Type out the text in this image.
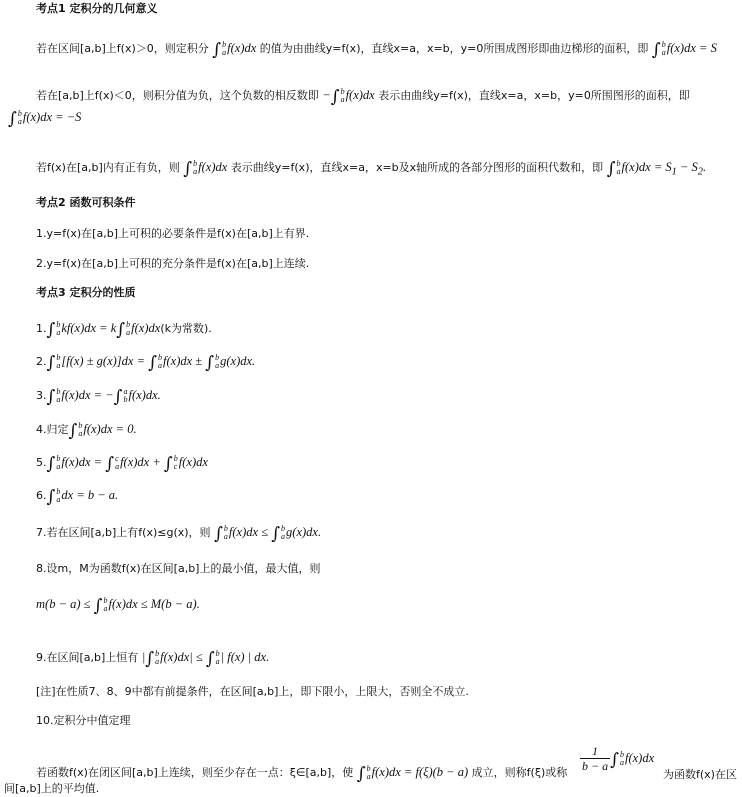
考点1 定积分的几何意义
若在区间[a,b]上f(x)＞0，则定积分 ∫ b
a f(x)dx 的值为由曲线y=f(x)，直线x=a，x=b，y=0所围成图形即曲边梯形的面积，即 ∫ b
a f(x)dx = S
若在[a,b]上f(x)＜0，则积分值为负，这个负数的相反数即 −∫ b
a f(x)dx 表示由曲线y=f(x)，直线x=a，x=b，y=0所围图形的面积，即
∫ b
a f(x)dx = −S
若f(x)在[a,b]内有正有负，则 ∫ b
a f(x)dx 表示曲线y=f(x)，直线x=a，x=b及x轴所成的各部分图形的面积代数和，即 ∫ b
a $f(x)dx = S_1 - S_2$.
考点2 函数可积条件
1.y=f(x)在[a,b]上可积的必要条件是f(x)在[a,b]上有界.
2.y=f(x)在[a,b]上可积的充分条件是f(x)在[a,b]上连续.
考点3 定积分的性质
1.∫ b
a kf(x)dx = k∫ b
a f(x)dx(k为常数).
2.∫ b
a [f(x) ± g(x)]dx = ∫ b
a f(x)dx ± ∫ b
a g(x)dx.
3.∫ b
a f(x)dx = −∫ a
b f(x)dx.
4.归定∫ b
a f(x)dx = 0.
5.∫ b
a f(x)dx = ∫ c
a f(x)dx + ∫ b
c f(x)dx
6.∫ b
a dx = b − a.
7.若在区间[a,b]上有f(x)≤g(x)，则 ∫ b
a f(x)dx ≤ ∫ b
a g(x)dx.
8.设m，M为函数f(x)在区间[a,b]上的最小值，最大值，则
m(b − a) ≤ ∫ b
a f(x)dx ≤ M(b − a).
9.在区间[a,b]上恒有 |∫ b
a f(x)dx| ≤ ∫ b
a | f(x) | dx.
[注]在性质7、8、9中都有前提条件，在区间[a,b]上，即下限小，上限大，否则全不成立.
10.定积分中值定理
若函数f(x)在闭区间[a,b]上连续，则至少存在一点：ξ∈[a,b]，使 ∫ b
a f(x)dx = f(ξ)(b − a) 成立，则称f(ξ)或称 $\frac{1}{b - a}$ ∫ b
a f(x)dx
为函数f(x)在区
间[a,b]上的平均值.
